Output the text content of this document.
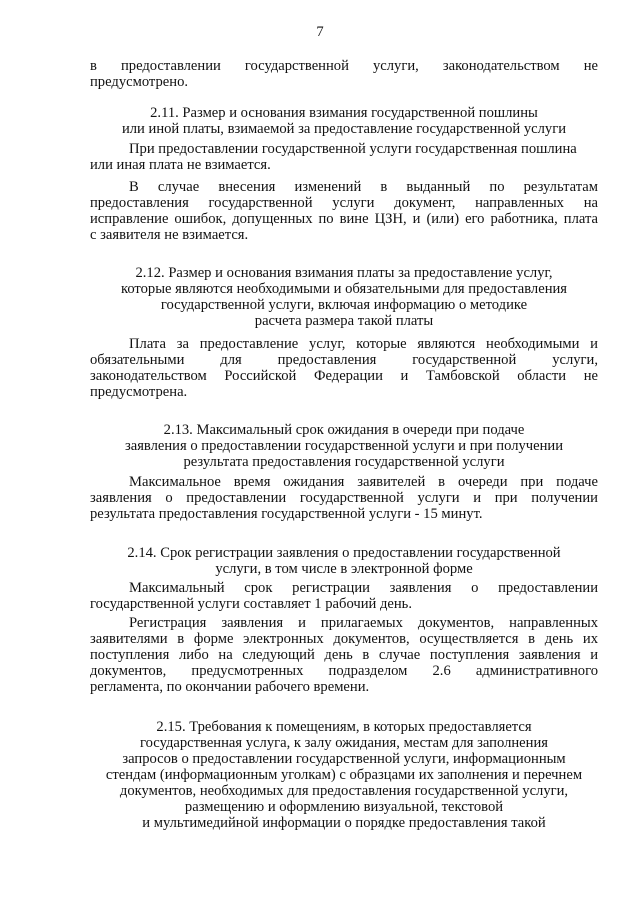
7
в предоставлении государственной услуги, законодательством не
предусмотрено.
2.11. Размер и основания взимания государственной пошлины
или иной платы, взимаемой за предоставление государственной услуги
При предоставлении государственной услуги государственная пошлина
или иная плата не взимается.
В случае внесения изменений в выданный по результатам
предоставления государственной услуги документ, направленных на
исправление ошибок, допущенных по вине ЦЗН, и (или) его работника, плата
с заявителя не взимается.
2.12. Размер и основания взимания платы за предоставление услуг,
которые являются необходимыми и обязательными для предоставления
государственной услуги, включая информацию о методике
расчета размера такой платы
Плата за предоставление услуг, которые являются необходимыми и
обязательными для предоставления государственной услуги,
законодательством Российской Федерации и Тамбовской области не
предусмотрена.
2.13. Максимальный срок ожидания в очереди при подаче
заявления о предоставлении государственной услуги и при получении
результата предоставления государственной услуги
Максимальное время ожидания заявителей в очереди при подаче
заявления о предоставлении государственной услуги и при получении
результата предоставления государственной услуги - 15 минут.
2.14. Срок регистрации заявления о предоставлении государственной
услуги, в том числе в электронной форме
Максимальный срок регистрации заявления о предоставлении
государственной услуги составляет 1 рабочий день.
Регистрация заявления и прилагаемых документов, направленных
заявителями в форме электронных документов, осуществляется в день их
поступления либо на следующий день в случае поступления заявления и
документов, предусмотренных подразделом 2.6 административного
регламента, по окончании рабочего времени.
2.15. Требования к помещениям, в которых предоставляется
государственная услуга, к залу ожидания, местам для заполнения
запросов о предоставлении государственной услуги, информационным
стендам (информационным уголкам) с образцами их заполнения и перечнем
документов, необходимых для предоставления государственной услуги,
размещению и оформлению визуальной, текстовой
и мультимедийной информации о порядке предоставления такой
